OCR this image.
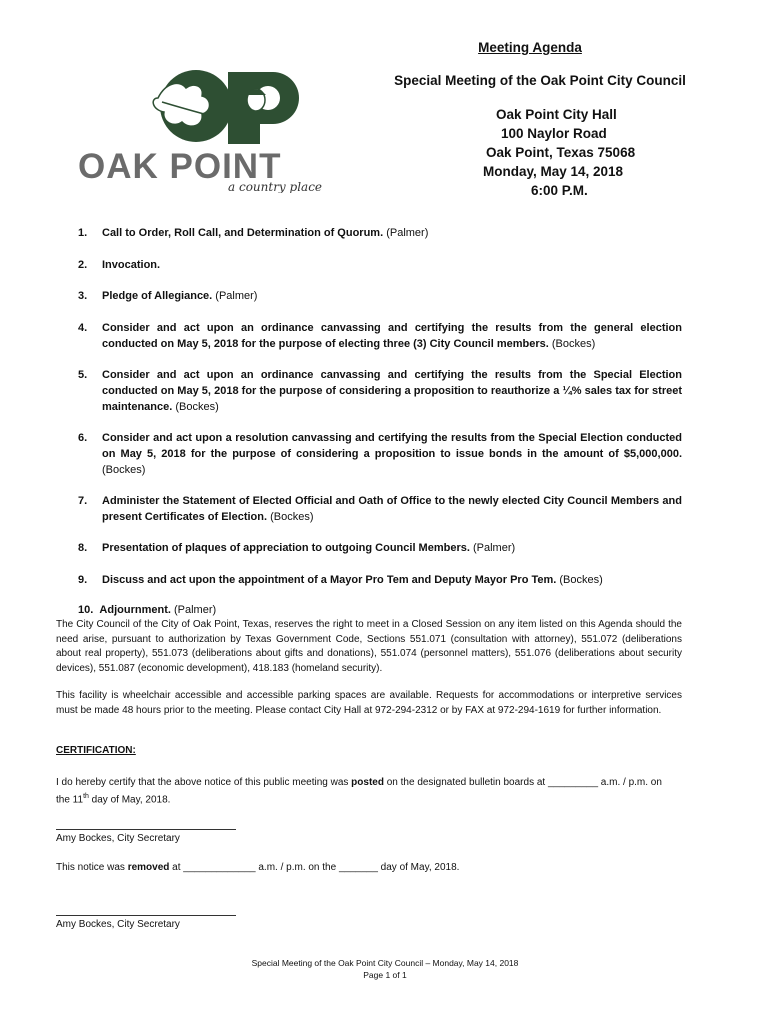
OAK POINT
a country place
Meeting Agenda
Special Meeting of the Oak Point City Council
Oak Point City Hall
100 Naylor Road
Oak Point, Texas 75068
Monday, May 14, 2018
6:00 P.M.
1. Call to Order, Roll Call, and Determination of Quorum. (Palmer)
2. Invocation.
3. Pledge of Allegiance. (Palmer)
4. Consider and act upon an ordinance canvassing and certifying the results from the general election conducted on May 5, 2018 for the purpose of electing three (3) City Council members. (Bockes)
5. Consider and act upon an ordinance canvassing and certifying the results from the Special Election conducted on May 5, 2018 for the purpose of considering a proposition to reauthorize a ¼% sales tax for street maintenance. (Bockes)
6. Consider and act upon a resolution canvassing and certifying the results from the Special Election conducted on May 5, 2018 for the purpose of considering a proposition to issue bonds in the amount of $5,000,000. (Bockes)
7. Administer the Statement of Elected Official and Oath of Office to the newly elected City Council Members and present Certificates of Election. (Bockes)
8. Presentation of plaques of appreciation to outgoing Council Members. (Palmer)
9. Discuss and act upon the appointment of a Mayor Pro Tem and Deputy Mayor Pro Tem. (Bockes)
10. Adjournment. (Palmer)
The City Council of the City of Oak Point, Texas, reserves the right to meet in a Closed Session on any item listed on this Agenda should the need arise, pursuant to authorization by Texas Government Code, Sections 551.071 (consultation with attorney), 551.072 (deliberations about real property), 551.073 (deliberations about gifts and donations), 551.074 (personnel matters), 551.076 (deliberations about security devices), 551.087 (economic development), 418.183 (homeland security).
This facility is wheelchair accessible and accessible parking spaces are available. Requests for accommodations or interpretive services must be made 48 hours prior to the meeting. Please contact City Hall at 972-294-2312 or by FAX at 972-294-1619 for further information.
CERTIFICATION:
I do hereby certify that the above notice of this public meeting was posted on the designated bulletin boards at _________ a.m. / p.m. on
the 11th day of May, 2018.
Amy Bockes, City Secretary
This notice was removed at _____________ a.m. / p.m. on the _______ day of May, 2018.
Amy Bockes, City Secretary
Special Meeting of the Oak Point City Council – Monday, May 14, 2018
Page 1 of 1
